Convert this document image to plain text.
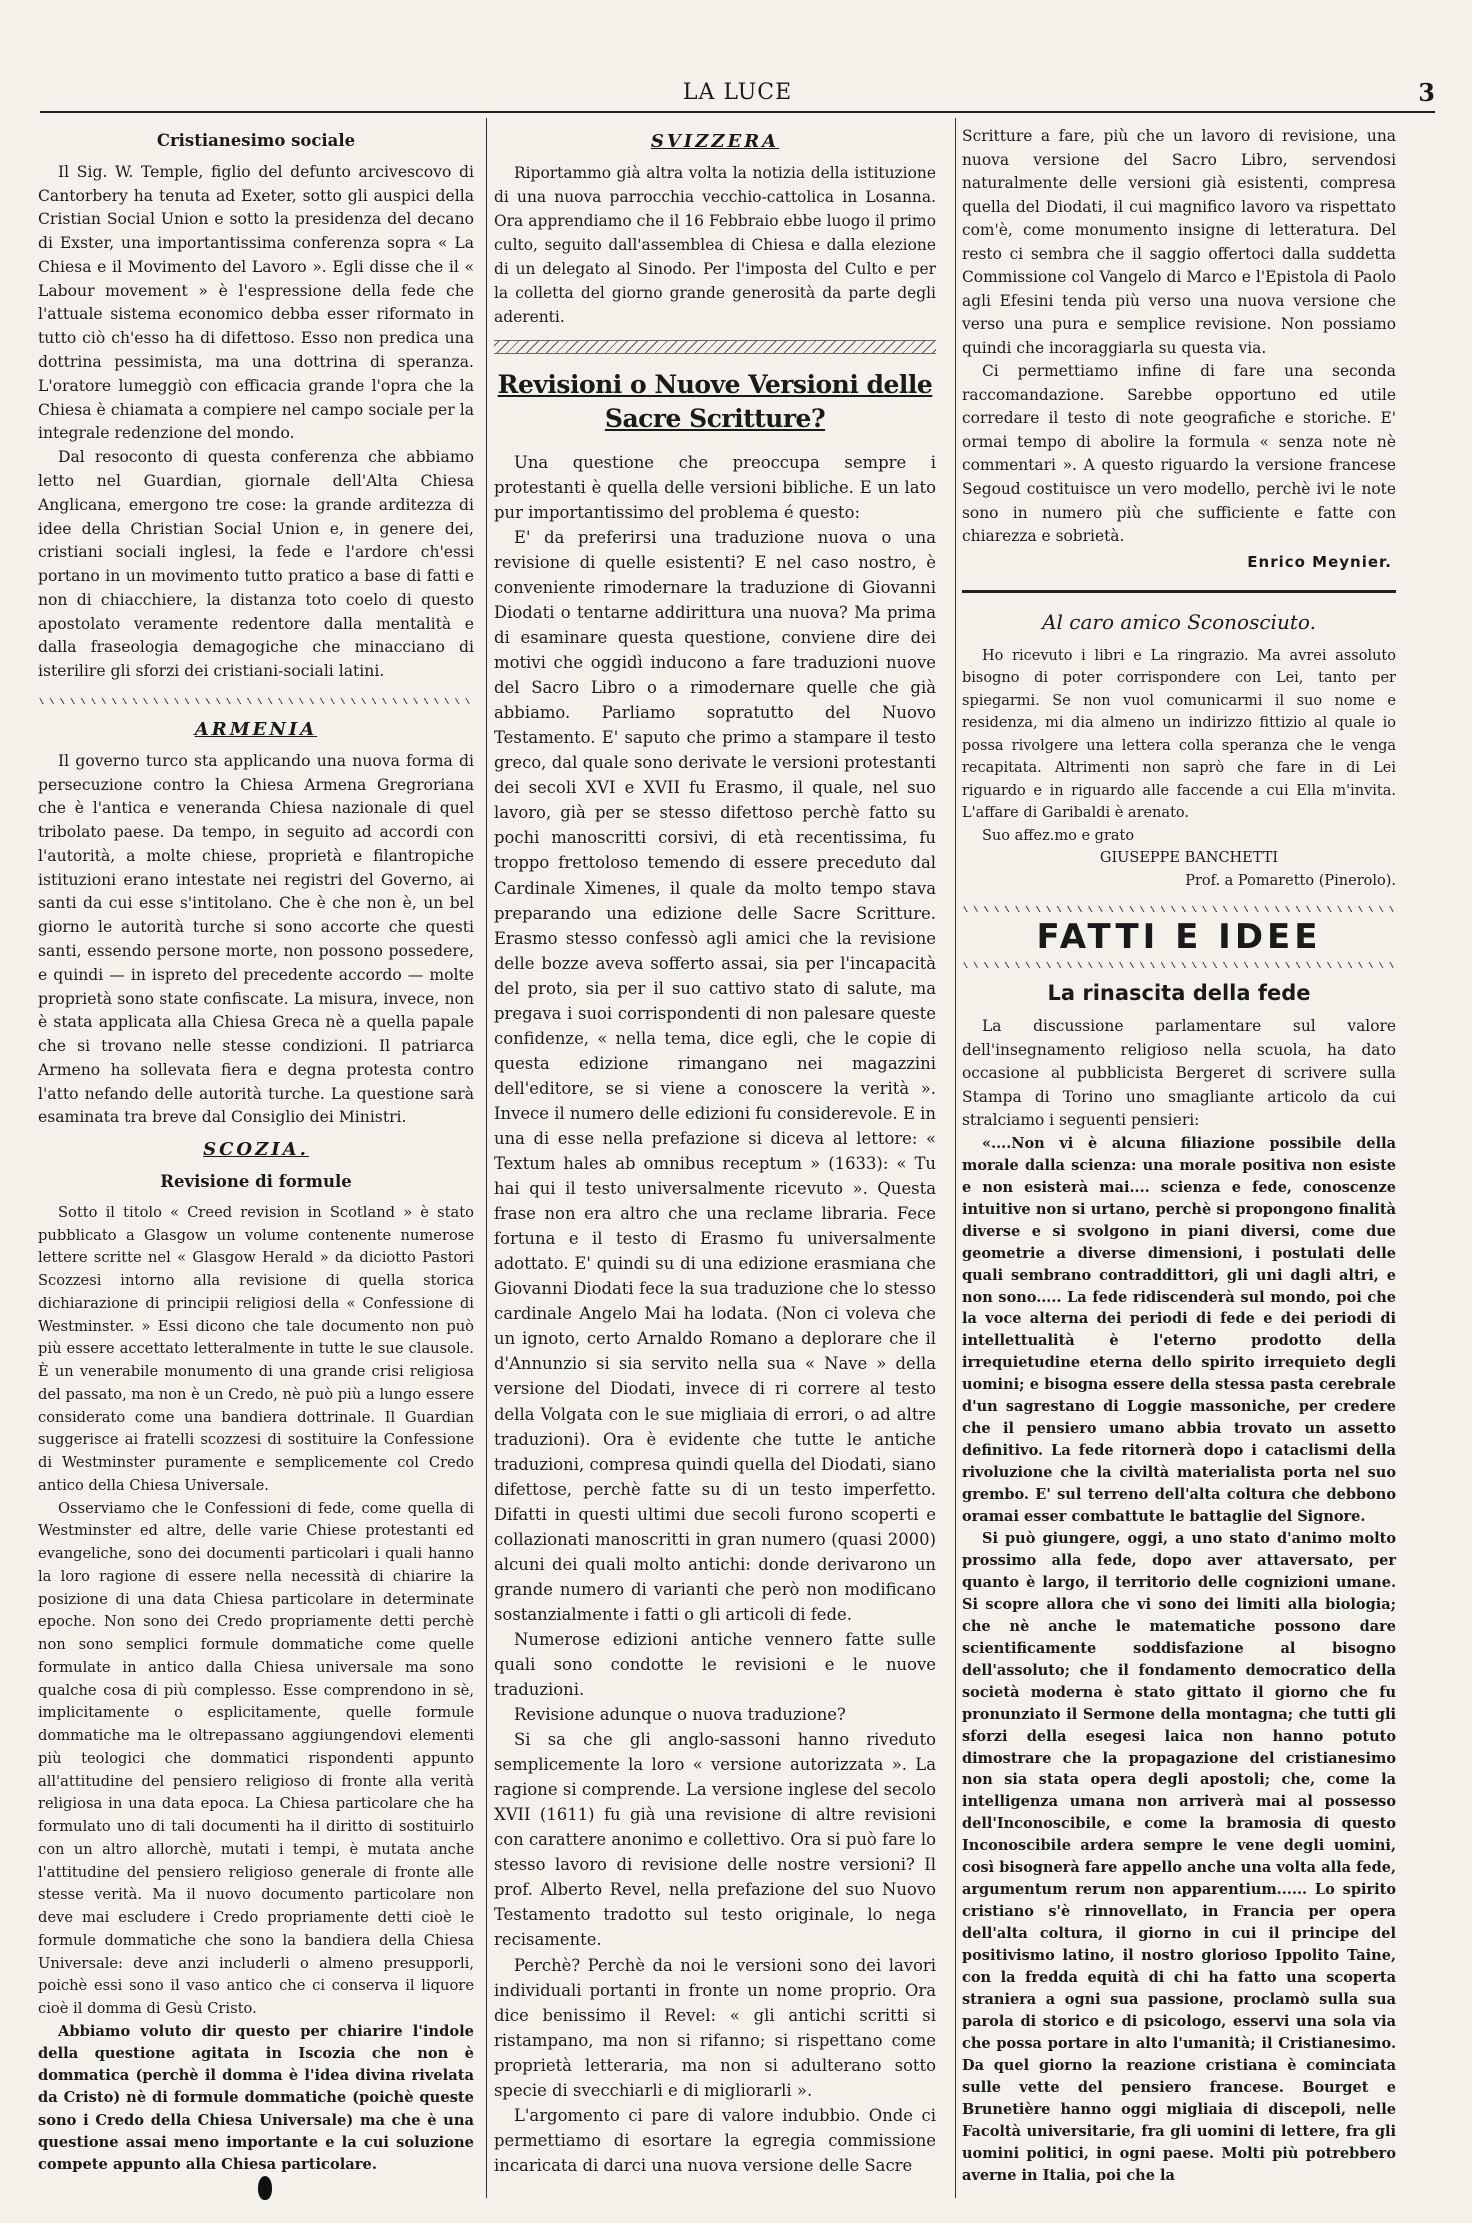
LA LUCE	3
Cristianesimo sociale

Il Sig. W. Temple, figlio del defunto arcivescovo di Cantorbery ha tenuta ad Exeter, sotto gli auspici della Cristian Social Union e sotto la presidenza del decano di Exster, una importantissima conferenza sopra « La Chiesa e il Movimento del Lavoro ». Egli disse che il « Labour movement » è l'espressione della fede che l'attuale sistema economico debba esser riformato in tutto ciò ch'esso ha di difettoso. Esso non predica una dottrina pessimista, ma una dottrina di speranza. L'oratore lumeggiò con efficacia grande l'opra che la Chiesa è chiamata a compiere nel campo sociale per la integrale redenzione del mondo.

Dal resoconto di questa conferenza che abbiamo letto nel Guardian, giornale dell'Alta Chiesa Anglicana, emergono tre cose: la grande arditezza di idee della Christian Social Union e, in genere dei, cristiani sociali inglesi, la fede e l'ardore ch'essi portano in un movimento tutto pratico a base di fatti e non di chiacchiere, la distanza toto coelo di questo apostolato veramente redentore dalla mentalità e dalla fraseologia demagogiche che minacciano di isterilire gli sforzi dei cristiani-sociali latini.

ARMENIA

Il governo turco sta applicando una nuova forma di persecuzione contro la Chiesa Armena Gregroriana che è l'antica e veneranda Chiesa nazionale di quel tribolato paese. Da tempo, in seguito ad accordi con l'autorità, a molte chiese, proprietà e filantropiche istituzioni erano intestate nei registri del Governo, ai santi da cui esse s'intitolano. Che è che non è, un bel giorno le autorità turche si sono accorte che questi santi, essendo persone morte, non possono possedere, e quindi — in ispreto del precedente accordo — molte proprietà sono state confiscate. La misura, invece, non è stata applicata alla Chiesa Greca nè a quella papale che si trovano nelle stesse condizioni. Il patriarca Armeno ha sollevata fiera e degna protesta contro l'atto nefando delle autorità turche. La questione sarà esaminata tra breve dal Consiglio dei Ministri.

SCOZIA.
Revisione di formule

Sotto il titolo « Creed revision in Scotland » è stato pubblicato a Glasgow un volume contenente numerose lettere scritte nel « Glasgow Herald » da diciotto Pastori Scozzesi intorno alla revisione di quella storica dichiarazione di principii religiosi della « Confessione di Westminster. » Essi dicono che tale documento non può più essere accettato letteralmente in tutte le sue clausole. È un venerabile monumento di una grande crisi religiosa del passato, ma non è un Credo, nè può più a lungo essere considerato come una bandiera dottrinale. Il Guardian suggerisce ai fratelli scozzesi di sostituire la Confessione di Westminster puramente e semplicemente col Credo antico della Chiesa Universale.

Osserviamo che le Confessioni di fede, come quella di Westminster ed altre, delle varie Chiese protestanti ed evangeliche, sono dei documenti particolari i quali hanno la loro ragione di essere nella necessità di chiarire la posizione di una data Chiesa particolare in determinate epoche. Non sono dei Credo propriamente detti perchè non sono semplici formule dommatiche come quelle formulate in antico dalla Chiesa universale ma sono qualche cosa di più complesso. Esse comprendono in sè, implicitamente o esplicitamente, quelle formule dommatiche ma le oltrepassano aggiungendovi elementi più teologici che dommatici rispondenti appunto all'attitudine del pensiero religioso di fronte alla verità religiosa in una data epoca. La Chiesa particolare che ha formulato uno di tali documenti ha il diritto di sostituirlo con un altro allorchè, mutati i tempi, è mutata anche l'attitudine del pensiero religioso generale di fronte alle stesse verità. Ma il nuovo documento particolare non deve mai escludere i Credo propriamente detti cioè le formule dommatiche che sono la bandiera della Chiesa Universale: deve anzi includerli o almeno presupporli, poichè essi sono il vaso antico che ci conserva il liquore cioè il domma di Gesù Cristo.

Abbiamo voluto dir questo per chiarire l'indole della questione agitata in Iscozia che non è dommatica (perchè il domma è l'idea divina rivelata da Cristo) nè di formule dommatiche (poichè queste sono i Credo della Chiesa Universale) ma che è una questione assai meno importante e la cui soluzione compete appunto alla Chiesa particolare.

SVIZZERA

Riportammo già altra volta la notizia della istituzione di una nuova parrocchia vecchio-cattolica in Losanna. Ora apprendiamo che il 16 Febbraio ebbe luogo il primo culto, seguito dall'assemblea di Chiesa e dalla elezione di un delegato al Sinodo. Per l'imposta del Culto e per la colletta del giorno grande generosità da parte degli aderenti.

Revisioni o Nuove Versioni delle Sacre Scritture?

Una questione che preoccupa sempre i protestanti è quella delle versioni bibliche. E un lato pur importantissimo del problema é questo:

E' da preferirsi una traduzione nuova o una revisione di quelle esistenti? E nel caso nostro, è conveniente rimodernare la traduzione di Giovanni Diodati o tentarne addirittura una nuova? Ma prima di esaminare questa questione, conviene dire dei motivi che oggidì inducono a fare traduzioni nuove del Sacro Libro o a rimodernare quelle che già abbiamo. Parliamo sopratutto del Nuovo Testamento. E' saputo che primo a stampare il testo greco, dal quale sono derivate le versioni protestanti dei secoli XVI e XVII fu Erasmo, il quale, nel suo lavoro, già per se stesso difettoso perchè fatto su pochi manoscritti corsivi, di età recentissima, fu troppo frettoloso temendo di essere preceduto dal Cardinale Ximenes, il quale da molto tempo stava preparando una edizione delle Sacre Scritture. Erasmo stesso confessò agli amici che la revisione delle bozze aveva sofferto assai, sia per l'incapacità del proto, sia per il suo cattivo stato di salute, ma pregava i suoi corrispondenti di non palesare queste confidenze, « nella tema, dice egli, che le copie di questa edizione rimangano nei magazzini dell'editore, se si viene a conoscere la verità ». Invece il numero delle edizioni fu considerevole. E in una di esse nella prefazione si diceva al lettore: « Textum hales ab omnibus receptum » (1633): « Tu hai qui il testo universalmente ricevuto ». Questa frase non era altro che una reclame libraria. Fece fortuna e il testo di Erasmo fu universalmente adottato. E' quindi su di una edizione erasmiana che Giovanni Diodati fece la sua traduzione che lo stesso cardinale Angelo Mai ha lodata. (Non ci voleva che un ignoto, certo Arnaldo Romano a deplorare che il d'Annunzio si sia servito nella sua « Nave » della versione del Diodati, invece di ri correre al testo della Volgata con le sue migliaia di errori, o ad altre traduzioni). Ora è evidente che tutte le antiche traduzioni, compresa quindi quella del Diodati, siano difettose, perchè fatte su di un testo imperfetto. Difatti in questi ultimi due secoli furono scoperti e collazionati manoscritti in gran numero (quasi 2000) alcuni dei quali molto antichi: donde derivarono un grande numero di varianti che però non modificano sostanzialmente i fatti o gli articoli di fede.

Numerose edizioni antiche vennero fatte sulle quali sono condotte le revisioni e le nuove traduzioni.

Revisione adunque o nuova traduzione?

Si sa che gli anglo-sassoni hanno riveduto semplicemente la loro « versione autorizzata ». La ragione si comprende. La versione inglese del secolo XVII (1611) fu già una revisione di altre revisioni con carattere anonimo e collettivo. Ora si può fare lo stesso lavoro di revisione delle nostre versioni? Il prof. Alberto Revel, nella prefazione del suo Nuovo Testamento tradotto sul testo originale, lo nega recisamente.

Perchè? Perchè da noi le versioni sono dei lavori individuali portanti in fronte un nome proprio. Ora dice benissimo il Revel: « gli antichi scritti si ristampano, ma non si rifanno; si rispettano come proprietà letteraria, ma non si adulterano sotto specie di svecchiarli e di migliorarli ».

L'argomento ci pare di valore indubbio. Onde ci permettiamo di esortare la egregia commissione incaricata di darci una nuova versione delle Sacre

Scritture a fare, più che un lavoro di revisione, una nuova versione del Sacro Libro, servendosi naturalmente delle versioni già esistenti, compresa quella del Diodati, il cui magnifico lavoro va rispettato com'è, come monumento insigne di letteratura. Del resto ci sembra che il saggio offertoci dalla suddetta Commissione col Vangelo di Marco e l'Epistola di Paolo agli Efesini tenda più verso una nuova versione che verso una pura e semplice revisione. Non possiamo quindi che incoraggiarla su questa via.

Ci permettiamo infine di fare una seconda raccomandazione. Sarebbe opportuno ed utile corredare il testo di note geografiche e storiche. E' ormai tempo di abolire la formula « senza note nè commentari ». A questo riguardo la versione francese Segoud costituisce un vero modello, perchè ivi le note sono in numero più che sufficiente e fatte con chiarezza e sobrietà.

Enrico Meynier.
Al caro amico Sconosciuto.

Ho ricevuto i libri e La ringrazio. Ma avrei assoluto bisogno di poter corrispondere con Lei, tanto per spiegarmi. Se non vuol comunicarmi il suo nome e residenza, mi dia almeno un indirizzo fittizio al quale io possa rivolgere una lettera colla speranza che le venga recapitata. Altrimenti non saprò che fare in di Lei riguardo e in riguardo alle faccende a cui Ella m'invita. L'affare di Garibaldi è arenato.

Suo affez.mo e grato

GIUSEPPE BANCHETTI

Prof. a Pomaretto (Pinerolo).

FATTI E IDEE
La rinascita della fede

La discussione parlamentare sul valore dell'insegnamento religioso nella scuola, ha dato occasione al pubblicista Bergeret di scrivere sulla Stampa di Torino uno smagliante articolo da cui stralciamo i seguenti pensieri:

«....Non vi è alcuna filiazione possibile della morale dalla scienza: una morale positiva non esiste e non esisterà mai.... scienza e fede, conoscenze intuitive non si urtano, perchè si propongono finalità diverse e si svolgono in piani diversi, come due geometrie a diverse dimensioni, i postulati delle quali sembrano contraddittori, gli uni dagli altri, e non sono..... La fede ridiscenderà sul mondo, poi che la voce alterna dei periodi di fede e dei periodi di intellettualità è l'eterno prodotto della irrequietudine eterna dello spirito irrequieto degli uomini; e bisogna essere della stessa pasta cerebrale d'un sagrestano di Loggie massoniche, per credere che il pensiero umano abbia trovato un assetto definitivo. La fede ritornerà dopo i cataclismi della rivoluzione che la civiltà materialista porta nel suo grembo. E' sul terreno dell'alta coltura che debbono oramai esser combattute le battaglie del Signore.

Si può giungere, oggi, a uno stato d'animo molto prossimo alla fede, dopo aver attaversato, per quanto è largo, il territorio delle cognizioni umane. Si scopre allora che vi sono dei limiti alla biologia; che nè anche le matematiche possono dare scientificamente soddisfazione al bisogno dell'assoluto; che il fondamento democratico della società moderna è stato gittato il giorno che fu pronunziato il Sermone della montagna; che tutti gli sforzi della esegesi laica non hanno potuto dimostrare che la propagazione del cristianesimo non sia stata opera degli apostoli; che, come la intelligenza umana non arriverà mai al possesso dell'Inconoscibile, e come la bramosia di questo Inconoscibile ardera sempre le vene degli uomini, così bisognerà fare appello anche una volta alla fede, argumentum rerum non apparentium...... Lo spirito cristiano s'è rinnovellato, in Francia per opera dell'alta coltura, il giorno in cui il principe del positivismo latino, il nostro glorioso Ippolito Taine, con la fredda equità di chi ha fatto una scoperta straniera a ogni sua passione, proclamò sulla sua parola di storico e di psicologo, esservi una sola via che possa portare in alto l'umanità; il Cristianesimo. Da quel giorno la reazione cristiana è cominciata sulle vette del pensiero francese. Bourget e Brunetière hanno oggi migliaia di discepoli, nelle Facoltà universitarie, fra gli uomini di lettere, fra gli uomini politici, in ogni paese. Molti più potrebbero averne in Italia, poi che la
